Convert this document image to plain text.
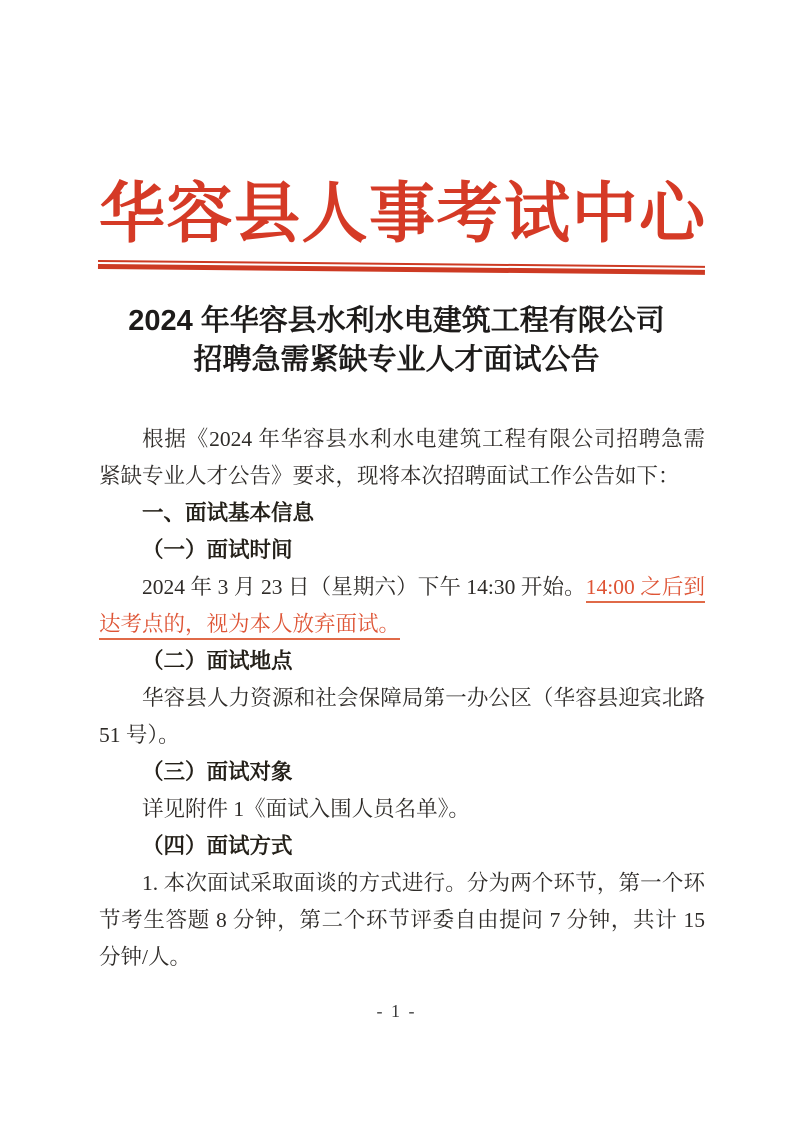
华 容 县 人 事 考 试 中 心
2024 年华容县水利水电建筑工程有限公司
招聘急需紧缺专业人才面试公告

根据《2024 年华容县水利水电建筑工程有限公司招聘急需紧缺专业人才公告》要求，现将本次招聘面试工作公告如下：

一、面试基本信息

（一）面试时间

2024 年 3 月 23 日（星期六）下午 14:30 开始。14:00 之后到达考点的，视为本人放弃面试。

（二）面试地点

华容县人力资源和社会保障局第一办公区（华容县迎宾北路 51 号）。

（三）面试对象

详见附件 1《面试入围人员名单》。

（四）面试方式

1. 本次面试采取面谈的方式进行。分为两个环节，第一个环节考生答题 8 分钟，第二个环节评委自由提问 7 分钟，共计 15 分钟/人。

- 1 -
